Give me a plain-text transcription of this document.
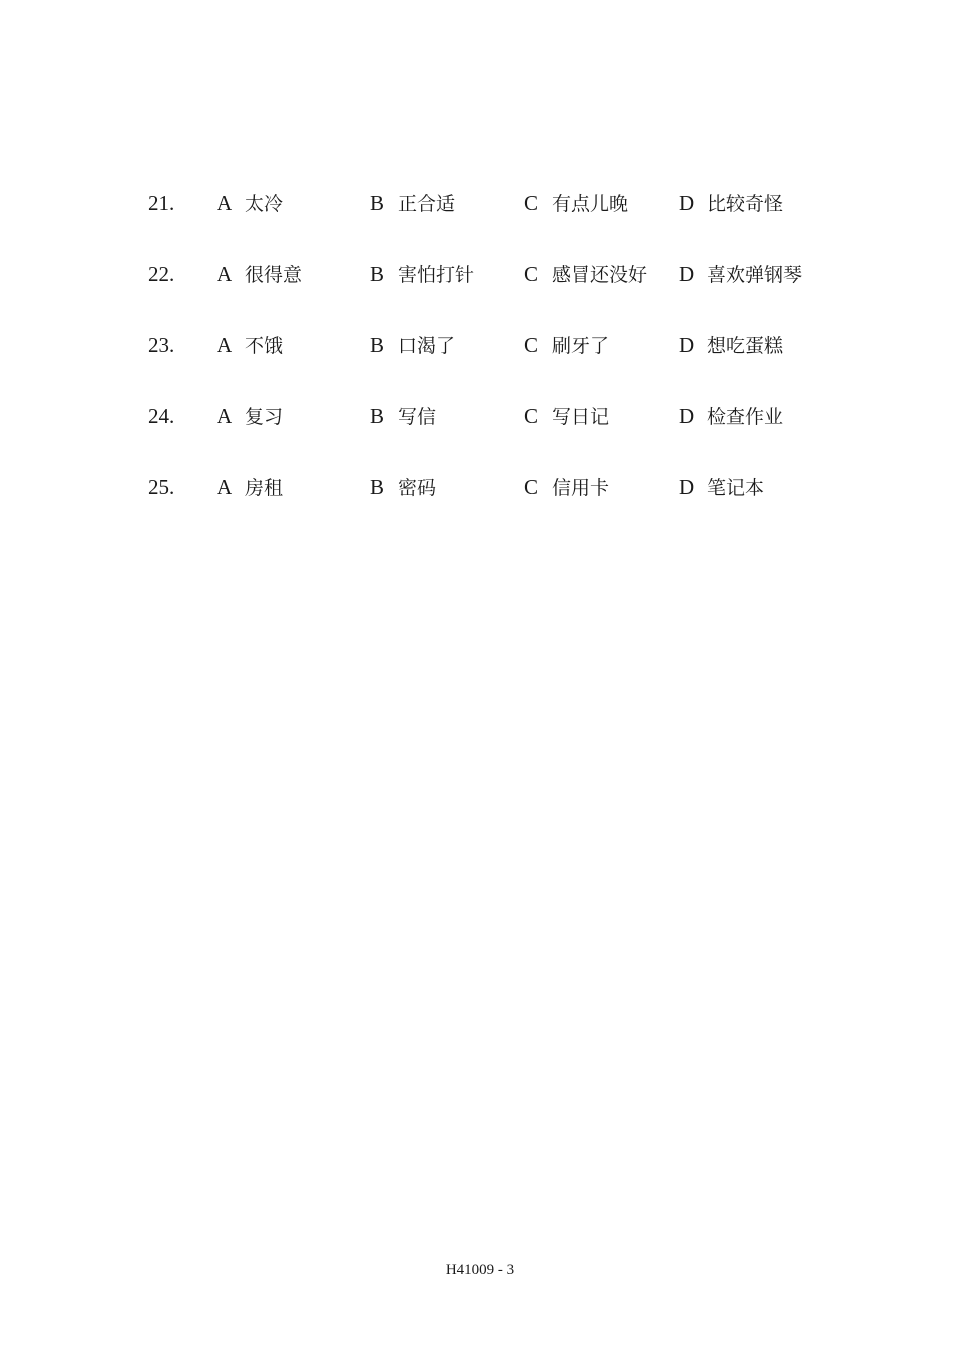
21. A 太冷	B 正合适	C 有点儿晚 D 比较奇怪
22. A 很得意	B 害怕打针 C 感冒还没好 D 喜欢弹钢琴
23. A 不饿	B 口渴了	C 刷牙了	D 想吃蛋糕
24. A 复习	B 写信	C 写日记	D 检查作业
25. A 房租	B 密码	C 信用卡	D 笔记本
H41009 - 3
